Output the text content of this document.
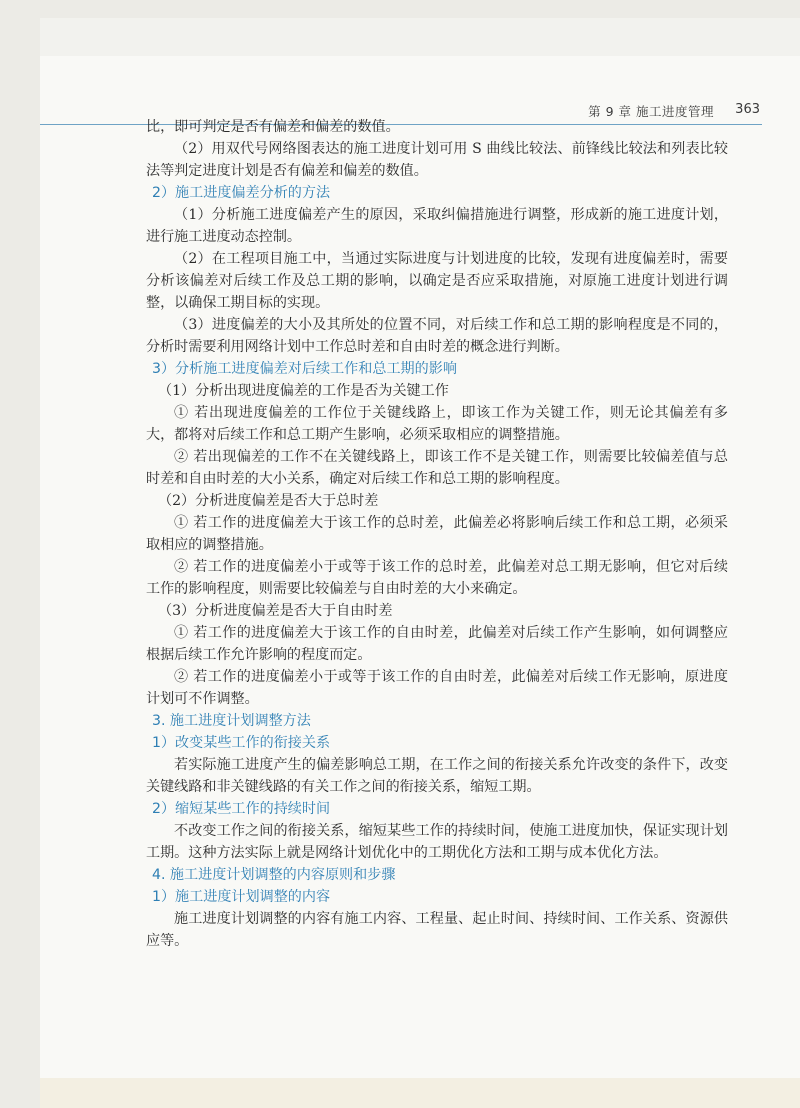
第 9 章 施工进度管理 363

比，即可判定是否有偏差和偏差的数值。

（2）用双代号网络图表达的施工进度计划可用 S 曲线比较法、前锋线比较法和列表比较法等判定进度计划是否有偏差和偏差的数值。

2）施工进度偏差分析的方法

（1）分析施工进度偏差产生的原因，采取纠偏措施进行调整，形成新的施工进度计划，进行施工进度动态控制。

（2）在工程项目施工中，当通过实际进度与计划进度的比较，发现有进度偏差时，需要分析该偏差对后续工作及总工期的影响，以确定是否应采取措施，对原施工进度计划进行调整，以确保工期目标的实现。

（3）进度偏差的大小及其所处的位置不同，对后续工作和总工期的影响程度是不同的，分析时需要利用网络计划中工作总时差和自由时差的概念进行判断。

3）分析施工进度偏差对后续工作和总工期的影响

（1）分析出现进度偏差的工作是否为关键工作

① 若出现进度偏差的工作位于关键线路上，即该工作为关键工作，则无论其偏差有多大，都将对后续工作和总工期产生影响，必须采取相应的调整措施。

② 若出现偏差的工作不在关键线路上，即该工作不是关键工作，则需要比较偏差值与总时差和自由时差的大小关系，确定对后续工作和总工期的影响程度。

（2）分析进度偏差是否大于总时差

① 若工作的进度偏差大于该工作的总时差，此偏差必将影响后续工作和总工期，必须采取相应的调整措施。

② 若工作的进度偏差小于或等于该工作的总时差，此偏差对总工期无影响，但它对后续工作的影响程度，则需要比较偏差与自由时差的大小来确定。

（3）分析进度偏差是否大于自由时差

① 若工作的进度偏差大于该工作的自由时差，此偏差对后续工作产生影响，如何调整应根据后续工作允许影响的程度而定。

② 若工作的进度偏差小于或等于该工作的自由时差，此偏差对后续工作无影响，原进度计划可不作调整。

3. 施工进度计划调整方法

1）改变某些工作的衔接关系

若实际施工进度产生的偏差影响总工期，在工作之间的衔接关系允许改变的条件下，改变关键线路和非关键线路的有关工作之间的衔接关系，缩短工期。

2）缩短某些工作的持续时间

不改变工作之间的衔接关系，缩短某些工作的持续时间，使施工进度加快，保证实现计划工期。这种方法实际上就是网络计划优化中的工期优化方法和工期与成本优化方法。

4. 施工进度计划调整的内容原则和步骤

1）施工进度计划调整的内容

施工进度计划调整的内容有施工内容、工程量、起止时间、持续时间、工作关系、资源供应等。
